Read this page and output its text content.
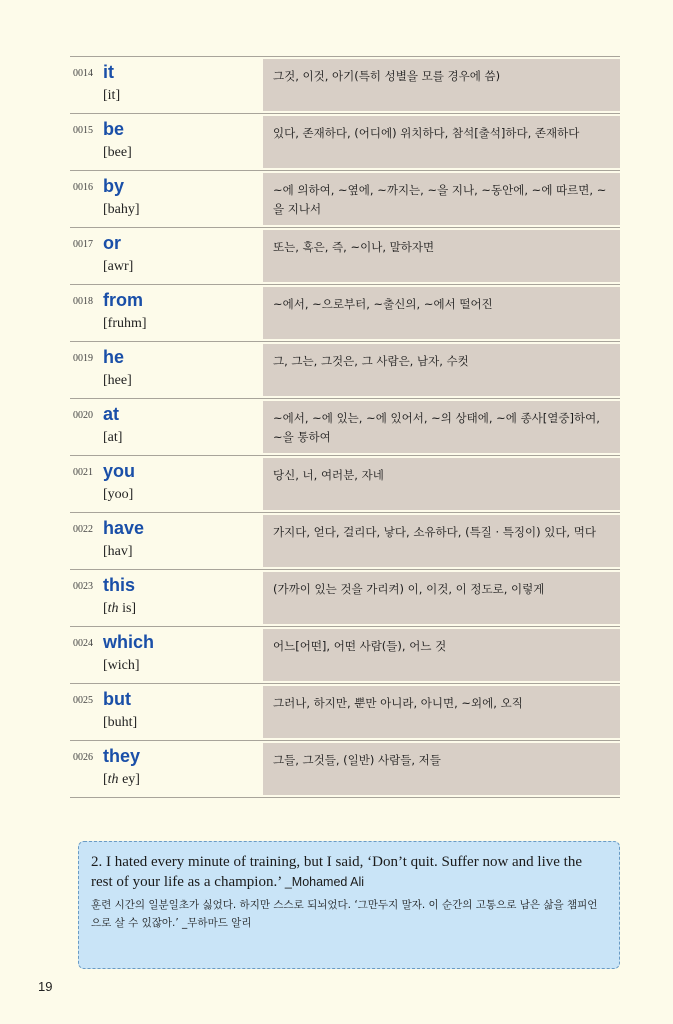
0014 it
[it]
그것, 이것, 아기(특히 성별을 모를 경우에 씀)
0015 be
[bee]
있다, 존재하다, (어디에) 위치하다, 참석[출석]하다, 존재하다
0016 by
[bahy]
~에 의하여, ~옆에, ~까지는, ~을 지나, ~동안에, ~에 따르면, ~을 지나서
0017 or
[awr]
또는, 혹은, 즉, ~이나, 말하자면
0018 from
[fruhm]
~에서, ~으로부터, ~출신의, ~에서 떨어진
0019 he
[hee]
그, 그는, 그것은, 그 사람은, 남자, 수컷
0020 at
[at]
~에서, ~에 있는, ~에 있어서, ~의 상태에, ~에 종사[열중]하여, ~을 통하여
0021 you
[yoo]
당신, 너, 여러분, 자네
0022 have
[hav]
가지다, 얻다, 걸리다, 낳다, 소유하다, (특질 · 특징이) 있다, 먹다
0023 this
[th is]
(가까이 있는 것을 가리켜) 이, 이것, 이 정도로, 이렇게
0024 which
[wich]
어느[어떤], 어떤 사람(들), 어느 것
0025 but
[buht]
그러나, 하지만, 뿐만 아니라, 아니면, ~외에, 오직
0026 they
[th ey]
그들, 그것들, (일반) 사람들, 저들
2. I hated every minute of training, but I said, ‘Don’t quit. Suffer now and live the rest of your life as a champion.’ _Mohamed Ali
훈련 시간의 일분일초가 싫었다. 하지만 스스로 되뇌었다. ‘그만두지 말자. 이 순간의 고통으로 남은 삶을 챔피언으로 살 수 있잖아.’ _무하마드 알리
19
